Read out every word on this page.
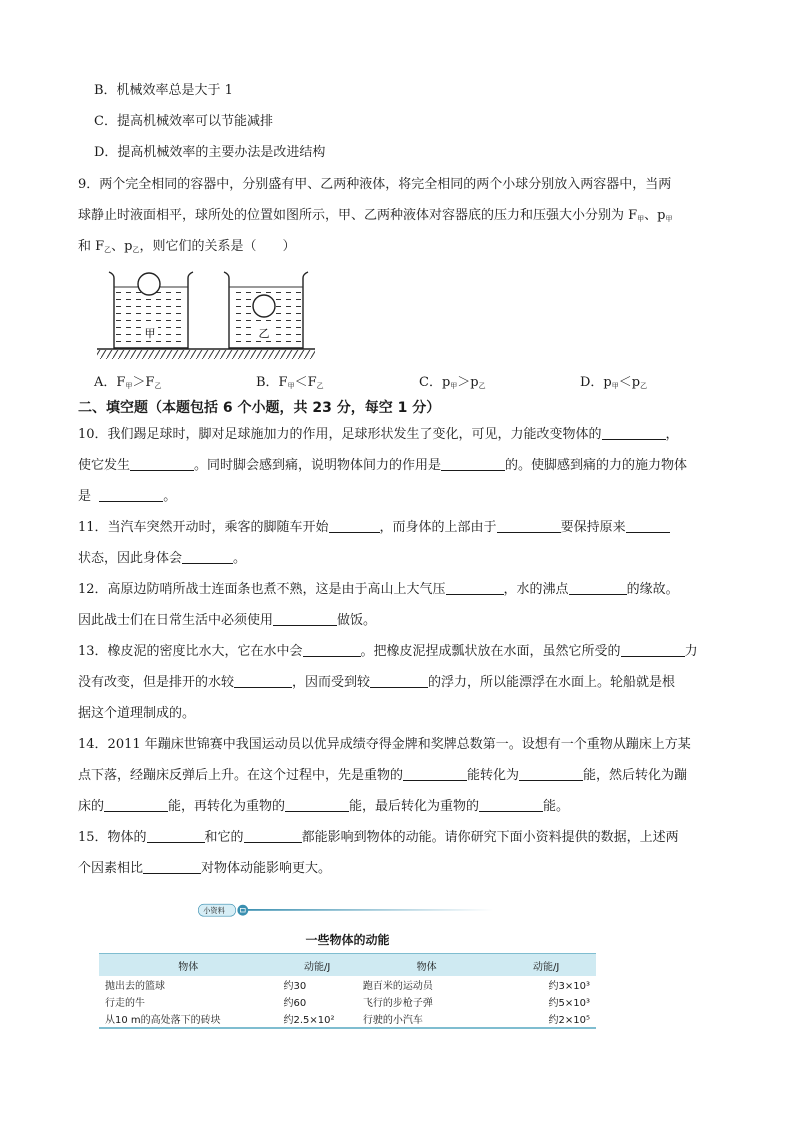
B．机械效率总是大于 1
C．提高机械效率可以节能减排
D．提高机械效率的主要办法是改进结构
9．两个完全相同的容器中，分别盛有甲、乙两种液体，将完全相同的两个小球分别放入两容器中，当两
球静止时液面相平，球所处的位置如图所示，甲、乙两种液体对容器底的压力和压强大小分别为 $F_甲$、$p_甲$
和 $F_乙$、$p_乙$，则它们的关系是（　　）
甲	乙
A．$F_甲>F_乙$	B．$F_甲<F_乙$	C．$p_甲>p_乙$	D．$p_甲<p_乙$
二、填空题（本题包括 6 个小题，共 23 分，每空 1 分）
10．我们踢足球时，脚对足球施加力的作用，足球形状发生了变化，可见，力能改变物体的	，
使它发生	。同时脚会感到痛，说明物体间力的作用是	的。使脚感到痛的力的施力物体
是	。
11．当汽车突然开动时，乘客的脚随车开始	，而身体的上部由于	要保持原来
状态，因此身体会	。
12．高原边防哨所战士连面条也煮不熟，这是由于高山上大气压	，水的沸点	的缘故。
因此战士们在日常生活中必须使用	做饭。
13．橡皮泥的密度比水大，它在水中会	。把橡皮泥捏成瓢状放在水面，虽然它所受的	力
没有改变，但是排开的水较	，因而受到较	的浮力，所以能漂浮在水面上。轮船就是根
据这个道理制成的。
14．2011 年蹦床世锦赛中我国运动员以优异成绩夺得金牌和奖牌总数第一。设想有一个重物从蹦床上方某
点下落，经蹦床反弹后上升。在这个过程中，先是重物的	能转化为	能，然后转化为蹦
床的	能，再转化为重物的	能，最后转化为重物的	能。
15．物体的	和它的	都能影响到物体的动能。请你研究下面小资料提供的数据，上述两
个因素相比	对物体动能影响更大。
小资料
一些物体的动能
物体	动能/J	物体	动能/J
抛出去的篮球	约30	跑百米的运动员	约3×10³
行走的牛	约60	飞行的步枪子弹	约5×10³
从10 m的高处落下的砖块	约2.5×10²	行驶的小汽车	约2×10⁵
